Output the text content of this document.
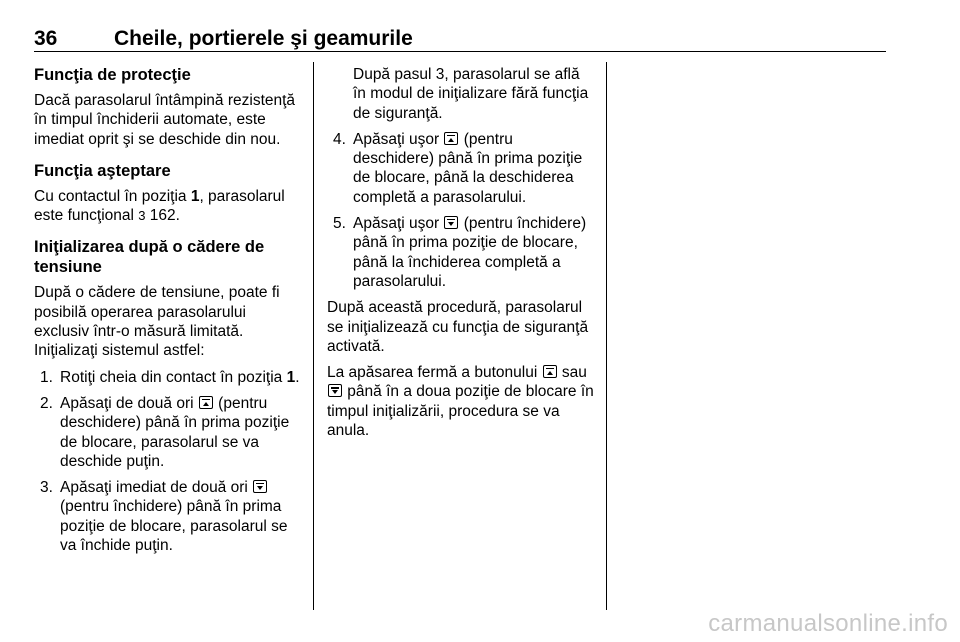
36	Cheile, portierele şi geamurile
Funcţia de protecţie

Dacă parasolarul întâmpină rezistenţă în timpul închiderii automate, este imediat oprit şi se deschide din nou.

Funcţia aşteptare

Cu contactul în poziţia 1, parasolarul este funcţional 3 162.

Iniţializarea după o cădere de tensiune

După o cădere de tensiune, poate fi posibilă operarea parasolarului exclusiv într-o măsură limitată.

Iniţializaţi sistemul astfel:

1. Rotiţi cheia din contact în poziţia 1.
2. Apăsaţi de două ori  (pentru deschidere) până în prima poziţie de blocare, parasolarul se va deschide puţin.
3. Apăsaţi imediat de două ori  (pentru închidere) până în prima poziţie de blocare, parasolarul se va închide puţin.
După pasul 3, parasolarul se află în modul de iniţializare fără funcţia de siguranţă.
4. Apăsaţi uşor  (pentru deschidere) până în prima poziţie de blocare, până la deschiderea completă a parasolarului.
5. Apăsaţi uşor  (pentru închidere) până în prima poziţie de blocare, până la închiderea completă a parasolarului.

După această procedură, parasolarul se iniţializează cu funcţia de siguranţă activată.

La apăsarea fermă a butonului  sau  până în a doua poziţie de blocare în timpul iniţializării, procedura se va anula.

carmanualsonline.info
